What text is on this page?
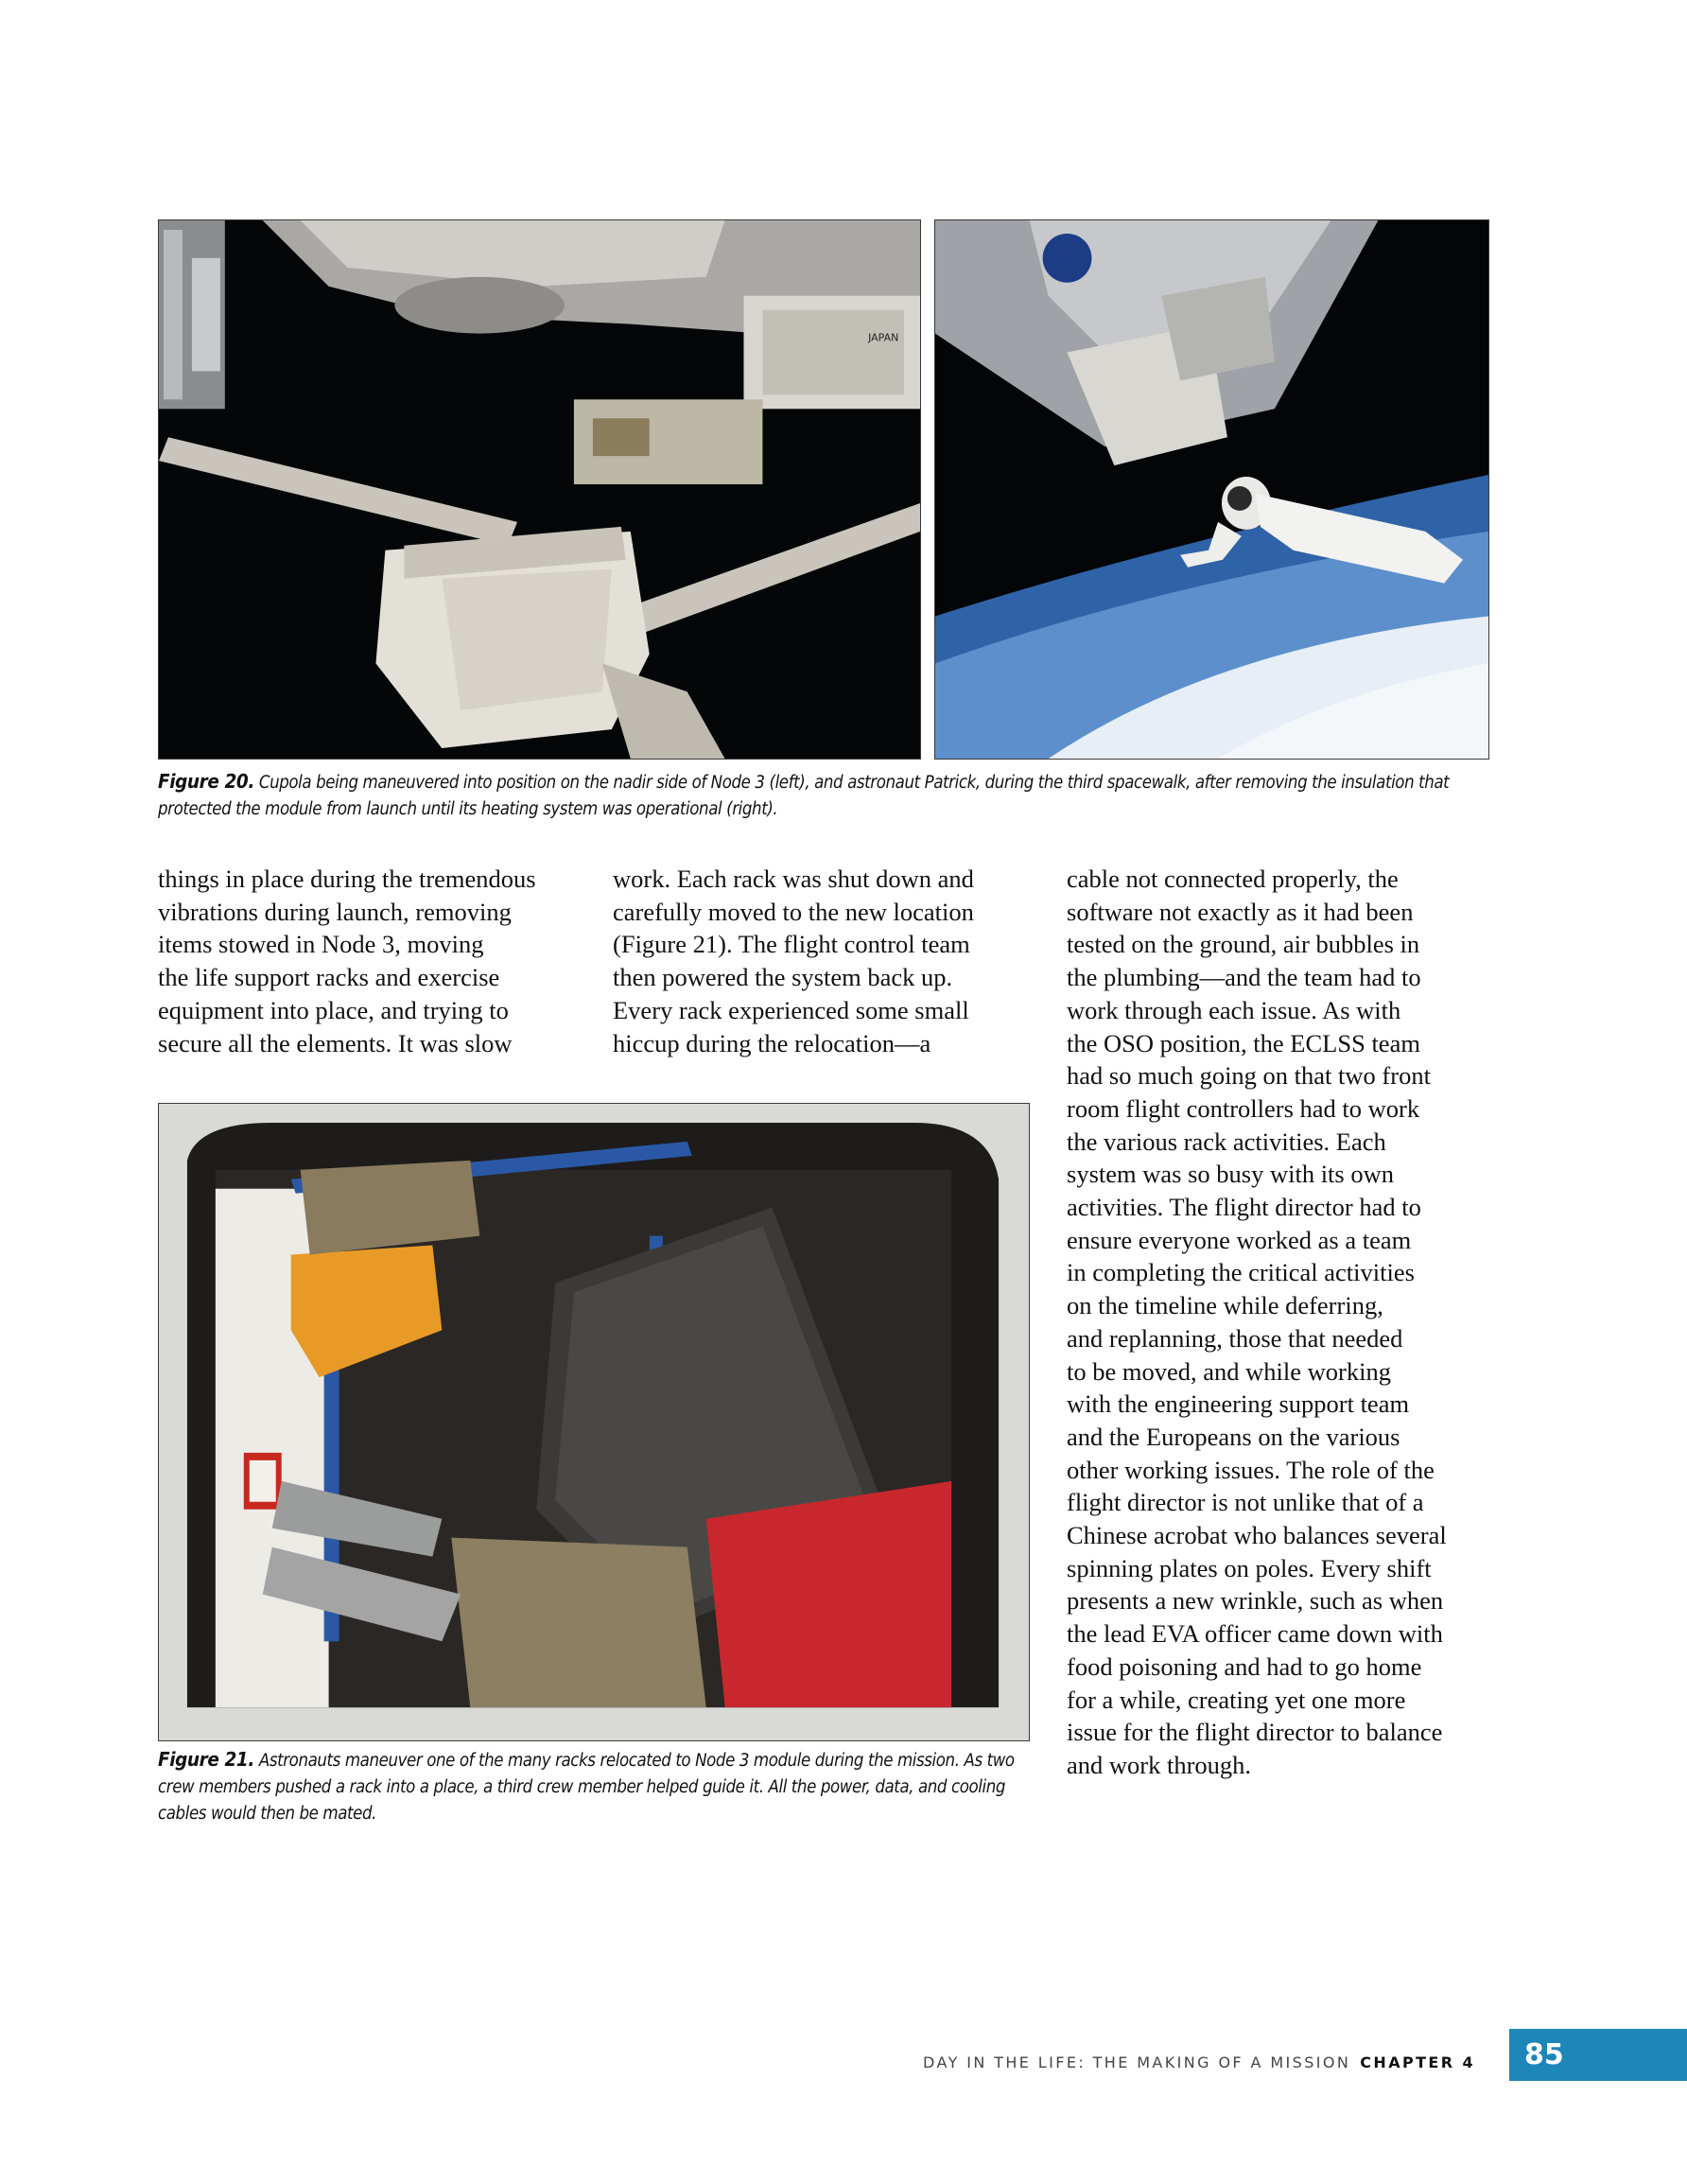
JAPAN
Figure 20. Cupola being maneuvered into position on the nadir side of Node 3 (left), and astronaut Patrick, during the third spacewalk, after removing the insulation that protected the module from launch until its heating system was operational (right).
things in place during the tremendous
vibrations during launch, removing
items stowed in Node 3, moving
the life support racks and exercise
equipment into place, and trying to
secure all the elements. It was slow
work. Each rack was shut down and
carefully moved to the new location
(Figure 21). The flight control team
then powered the system back up.
Every rack experienced some small
hiccup during the relocation—a
cable not connected properly, the
software not exactly as it had been
tested on the ground, air bubbles in
the plumbing—and the team had to
work through each issue. As with
the OSO position, the ECLSS team
had so much going on that two front
room flight controllers had to work
the various rack activities. Each
system was so busy with its own
activities. The flight director had to
ensure everyone worked as a team
in completing the critical activities
on the timeline while deferring,
and replanning, those that needed
to be moved, and while working
with the engineering support team
and the Europeans on the various
other working issues. The role of the
flight director is not unlike that of a
Chinese acrobat who balances several
spinning plates on poles. Every shift
presents a new wrinkle, such as when
the lead EVA officer came down with
food poisoning and had to go home
for a while, creating yet one more
issue for the flight director to balance
and work through.
Figure 21. Astronauts maneuver one of the many racks relocated to Node 3 module during the mission. As two crew members pushed a rack into a place, a third crew member helped guide it. All the power, data, and cooling cables would then be mated.
DAY IN THE LIFE: THE MAKING OF A MISSION CHAPTER 4	85
